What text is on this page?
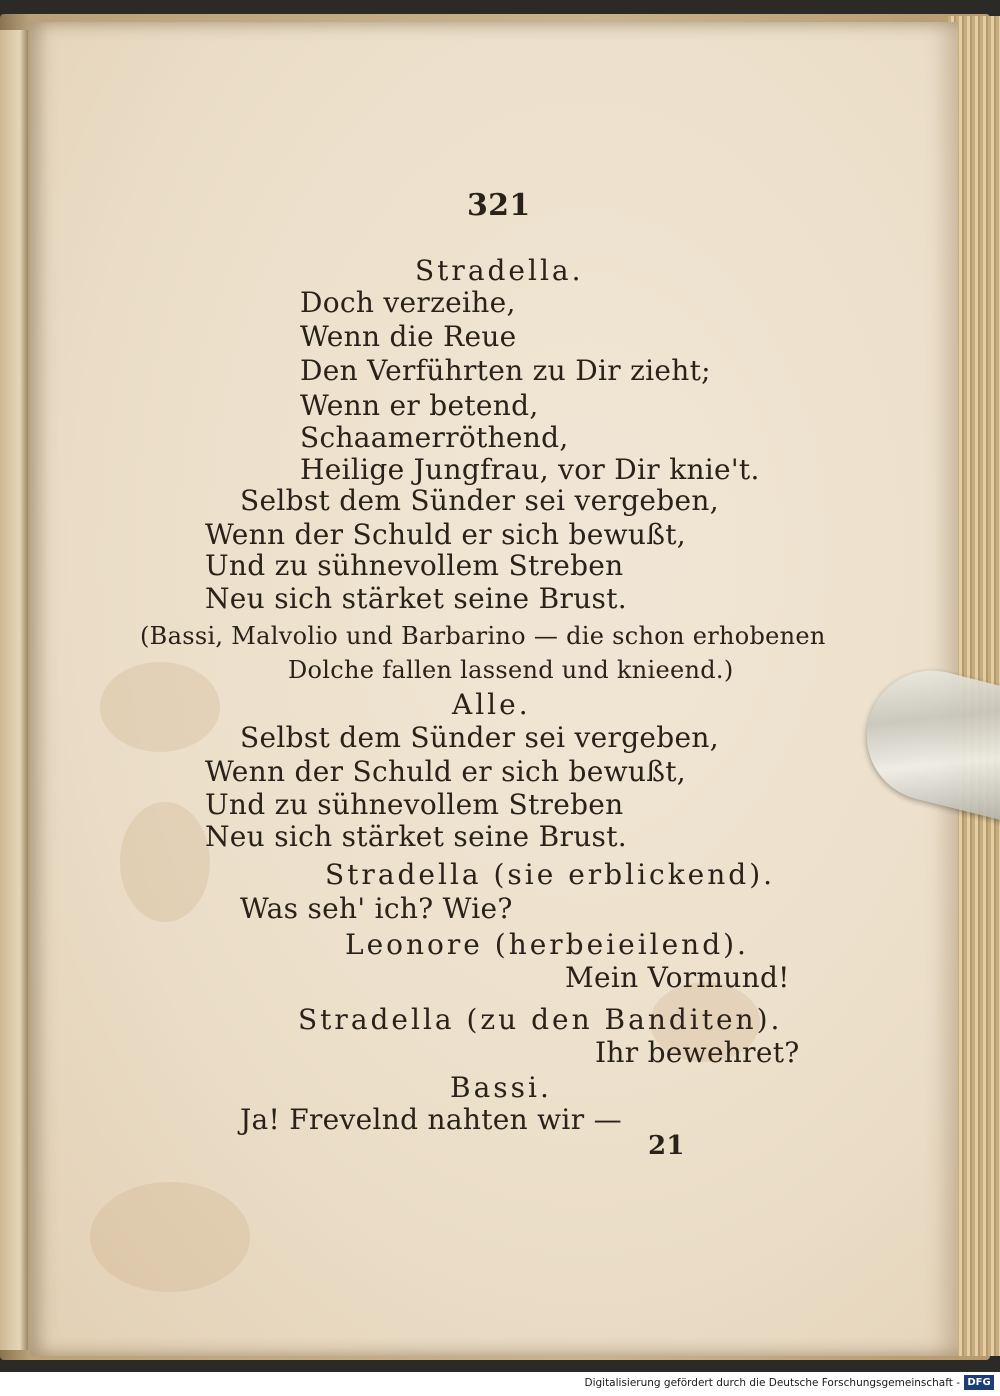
321
Stradella.
Doch verzeihe,
Wenn die Reue
Den Verführten zu Dir zieht;
Wenn er betend,
Schaamerröthend,
Heilige Jungfrau, vor Dir knie't.
Selbst dem Sünder sei vergeben,
Wenn der Schuld er sich bewußt,
Und zu sühnevollem Streben
Neu sich stärket seine Brust.
(Bassi, Malvolio und Barbarino — die schon erhobenen
Dolche fallen lassend und knieend.)
Alle.
Selbst dem Sünder sei vergeben,
Wenn der Schuld er sich bewußt,
Und zu sühnevollem Streben
Neu sich stärket seine Brust.
Stradella (sie erblickend).
Was seh' ich? Wie?
Leonore (herbeieilend).
Mein Vormund!
Stradella (zu den Banditen).
Ihr bewehret?
Bassi.
Ja! Frevelnd nahten wir —
21
Digitalisierung gefördert durch die Deutsche Forschungsgemeinschaft - DFG
